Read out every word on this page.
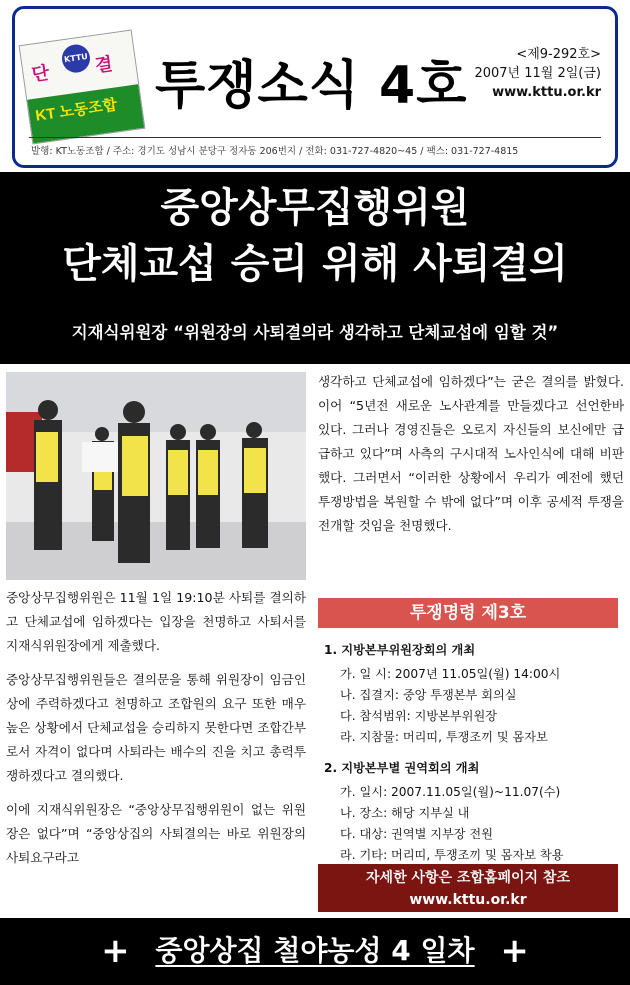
단
KTTU 결
KT 노동조합 투쟁소식 4호
<제9-292호>
2007년 11월 2일(금)
www.kttu.or.kr
발행: KT노동조합 / 주소: 경기도 성남시 분당구 정자동 206번지 / 전화: 031-727-4820~45 / 팩스: 031-727-4815
중앙상무집행위원
단체교섭 승리 위해 사퇴결의
지재식위원장 “위원장의 사퇴결의라 생각하고 단체교섭에 임할 것”

중앙상무집행위원은 11월 1일 19:10분 사퇴를 결의하고 단체교섭에 임하겠다는 입장을 천명하고 사퇴서를 지재식위원장에게 제출했다.

중앙상무집행위원들은 결의문을 통해 위원장이 임금인상에 주력하겠다고 천명하고 조합원의 요구 또한 매우 높은 상황에서 단체교섭을 승리하지 못한다면 조합간부로서 자격이 없다며 사퇴라는 배수의 진을 치고 총력투쟁하겠다고 결의했다.

이에 지재식위원장은 “중앙상무집행위원이 없는 위원장은 없다”며 “중앙상집의 사퇴결의는 바로 위원장의 사퇴요구라고

생각하고 단체교섭에 임하겠다”는 굳은 결의를 밝혔다. 이어 “5년전 새로운 노사관계를 만들겠다고 선언한바 있다. 그러나 경영진들은 오로지 자신들의 보신에만 급급하고 있다”며 사측의 구시대적 노사인식에 대해 비판했다. 그러면서 “이러한 상황에서 우리가 예전에 했던 투쟁방법을 복원할 수 밖에 없다”며 이후 공세적 투쟁을 전개할 것임을 천명했다.

투쟁명령 제3호
1. 지방본부위원장회의 개최
가. 일 시: 2007년 11.05일(월) 14:00시
나. 집결지: 중앙 투쟁본부 회의실
다. 참석범위: 지방본부위원장
라. 지참물: 머리띠, 투쟁조끼 및 몸자보
2. 지방본부별 권역회의 개최
가. 일시: 2007.11.05일(월)~11.07(수)
나. 장소: 해당 지부실 내
다. 대상: 권역별 지부장 전원
라. 기타: 머리띠, 투쟁조끼 및 몸자보 착용
자세한 사항은 조합홈페이지 참조
www.kttu.or.kr
+ 중앙상집 철야농성 4 일차 +
